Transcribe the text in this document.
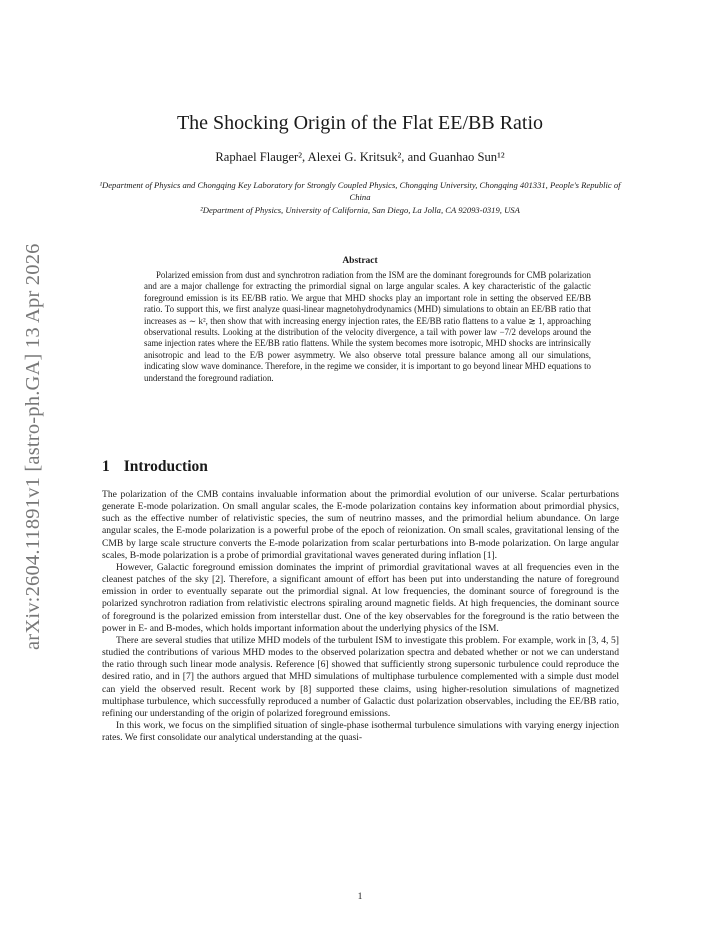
arXiv:2604.11891v1 [astro-ph.GA] 13 Apr 2026
The Shocking Origin of the Flat EE/BB Ratio
Raphael Flauger², Alexei G. Kritsuk², and Guanhao Sun¹²
¹Department of Physics and Chongqing Key Laboratory for Strongly Coupled Physics, Chongqing University, Chongqing 401331, People's Republic of China
²Department of Physics, University of California, San Diego, La Jolla, CA 92093-0319, USA
Abstract

Polarized emission from dust and synchrotron radiation from the ISM are the dominant foregrounds for CMB polarization and are a major challenge for extracting the primordial signal on large angular scales. A key characteristic of the galactic foreground emission is its EE/BB ratio. We argue that MHD shocks play an important role in setting the observed EE/BB ratio. To support this, we first analyze quasi-linear magnetohydrodynamics (MHD) simulations to obtain an EE/BB ratio that increases as ∼ k², then show that with increasing energy injection rates, the EE/BB ratio flattens to a value ≳ 1, approaching observational results. Looking at the distribution of the velocity divergence, a tail with power law −7/2 develops around the same injection rates where the EE/BB ratio flattens. While the system becomes more isotropic, MHD shocks are intrinsically anisotropic and lead to the E/B power asymmetry. We also observe total pressure balance among all our simulations, indicating slow wave dominance. Therefore, in the regime we consider, it is important to go beyond linear MHD equations to understand the foreground radiation.

1 Introduction

The polarization of the CMB contains invaluable information about the primordial evolution of our universe. Scalar perturbations generate E-mode polarization. On small angular scales, the E-mode polarization contains key information about primordial physics, such as the effective number of relativistic species, the sum of neutrino masses, and the primordial helium abundance. On large angular scales, the E-mode polarization is a powerful probe of the epoch of reionization. On small scales, gravitational lensing of the CMB by large scale structure converts the E-mode polarization from scalar perturbations into B-mode polarization. On large angular scales, B-mode polarization is a probe of primordial gravitational waves generated during inflation [1].

However, Galactic foreground emission dominates the imprint of primordial gravitational waves at all frequencies even in the cleanest patches of the sky [2]. Therefore, a significant amount of effort has been put into understanding the nature of foreground emission in order to eventually separate out the primordial signal. At low frequencies, the dominant source of foreground is the polarized synchrotron radiation from relativistic electrons spiraling around magnetic fields. At high frequencies, the dominant source of foreground is the polarized emission from interstellar dust. One of the key observables for the foreground is the ratio between the power in E- and B-modes, which holds important information about the underlying physics of the ISM.

There are several studies that utilize MHD models of the turbulent ISM to investigate this problem. For example, work in [3, 4, 5] studied the contributions of various MHD modes to the observed polarization spectra and debated whether or not we can understand the ratio through such linear mode analysis. Reference [6] showed that sufficiently strong supersonic turbulence could reproduce the desired ratio, and in [7] the authors argued that MHD simulations of multiphase turbulence complemented with a simple dust model can yield the observed result. Recent work by [8] supported these claims, using higher-resolution simulations of magnetized multiphase turbulence, which successfully reproduced a number of Galactic dust polarization observables, including the EE/BB ratio, refining our understanding of the origin of polarized foreground emissions.

In this work, we focus on the simplified situation of single-phase isothermal turbulence simulations with varying energy injection rates. We first consolidate our analytical understanding at the quasi-

1
